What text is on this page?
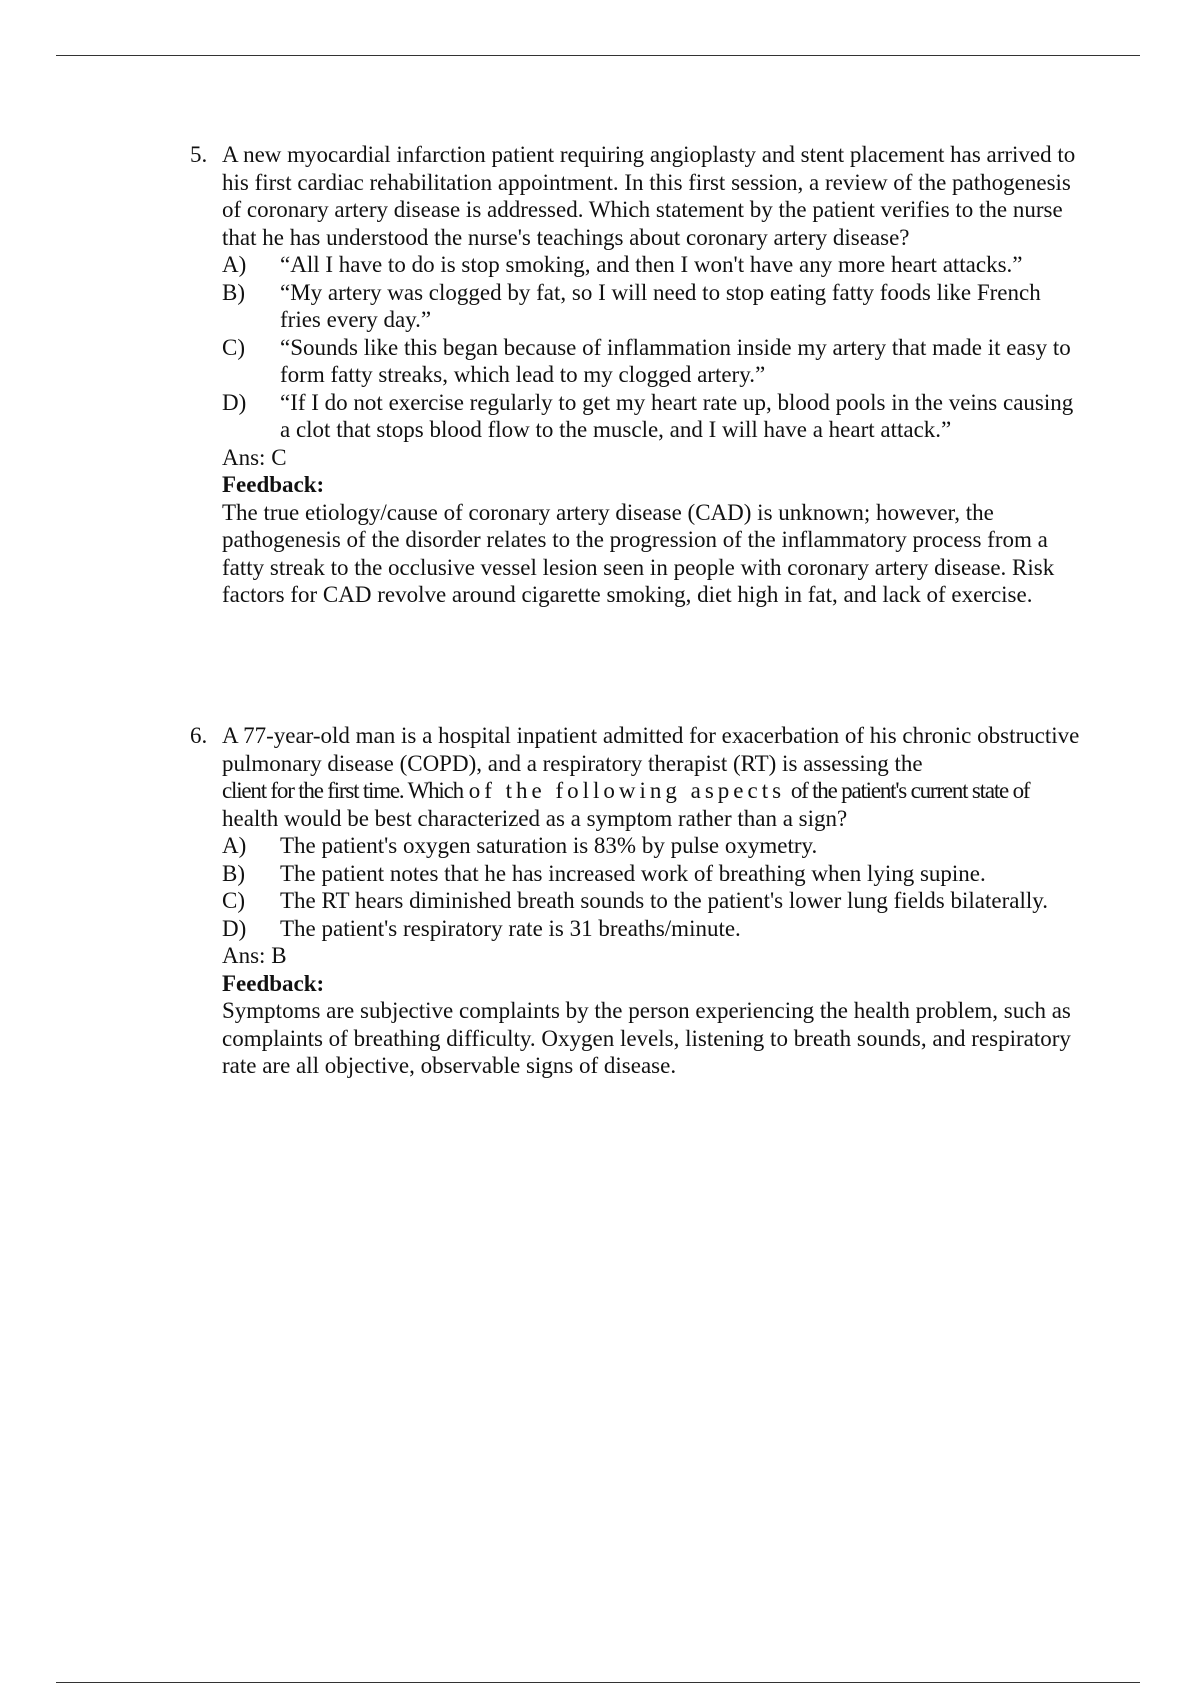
5. A new myocardial infarction patient requiring angioplasty and stent placement has arrived to his first cardiac rehabilitation appointment. In this first session, a review of the pathogenesis of coronary artery disease is addressed. Which statement by the patient verifies to the nurse that he has understood the nurse's teachings about coronary artery disease?
A)	“All I have to do is stop smoking, and then I won't have any more heart attacks.”
B)	“My artery was clogged by fat, so I will need to stop eating fatty foods like French fries every day.”
C)	“Sounds like this began because of inflammation inside my artery that made it easy to form fatty streaks, which lead to my clogged artery.”
D)	“If I do not exercise regularly to get my heart rate up, blood pools in the veins causing a clot that stops blood flow to the muscle, and I will have a heart attack.”
Ans: C
Feedback:
The true etiology/cause of coronary artery disease (CAD) is unknown; however, the pathogenesis of the disorder relates to the progression of the inflammatory process from a fatty streak to the occlusive vessel lesion seen in people with coronary artery disease. Risk factors for CAD revolve around cigarette smoking, diet high in fat, and lack of exercise.
6. A 77-year-old man is a hospital inpatient admitted for exacerbation of his chronic obstructive pulmonary disease (COPD), and a respiratory therapist (RT) is assessing the
client for the first time. Which of the following aspects of the patient's current state of
health would be best characterized as a symptom rather than a sign?
A)	The patient's oxygen saturation is 83% by pulse oxymetry.
B)	The patient notes that he has increased work of breathing when lying supine.
C)	The RT hears diminished breath sounds to the patient's lower lung fields bilaterally.
D)	The patient's respiratory rate is 31 breaths/minute.
Ans: B
Feedback:
Symptoms are subjective complaints by the person experiencing the health problem, such as complaints of breathing difficulty. Oxygen levels, listening to breath sounds, and respiratory rate are all objective, observable signs of disease.
